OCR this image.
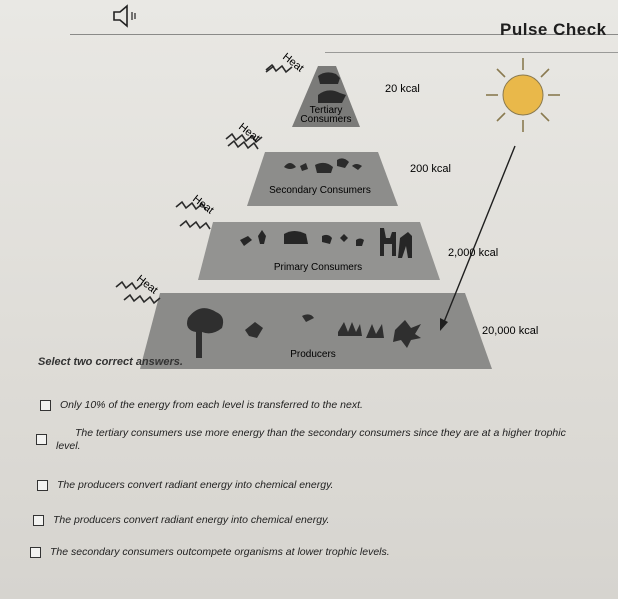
Pulse Check
Tertiary
Consumers
Secondary Consumers
Primary Consumers
Producers
20 kcal
200 kcal
2,000 kcal
20,000 kcal
Heat
Heat
Heat
Heat
Select two correct answers.
Only 10% of the energy from each level is transferred to the next.
The tertiary consumers use more energy than the secondary consumers since they are at a higher trophic
level.
The producers convert radiant energy into chemical energy.
The producers convert radiant energy into chemical energy.
The secondary consumers outcompete organisms at lower trophic levels.
